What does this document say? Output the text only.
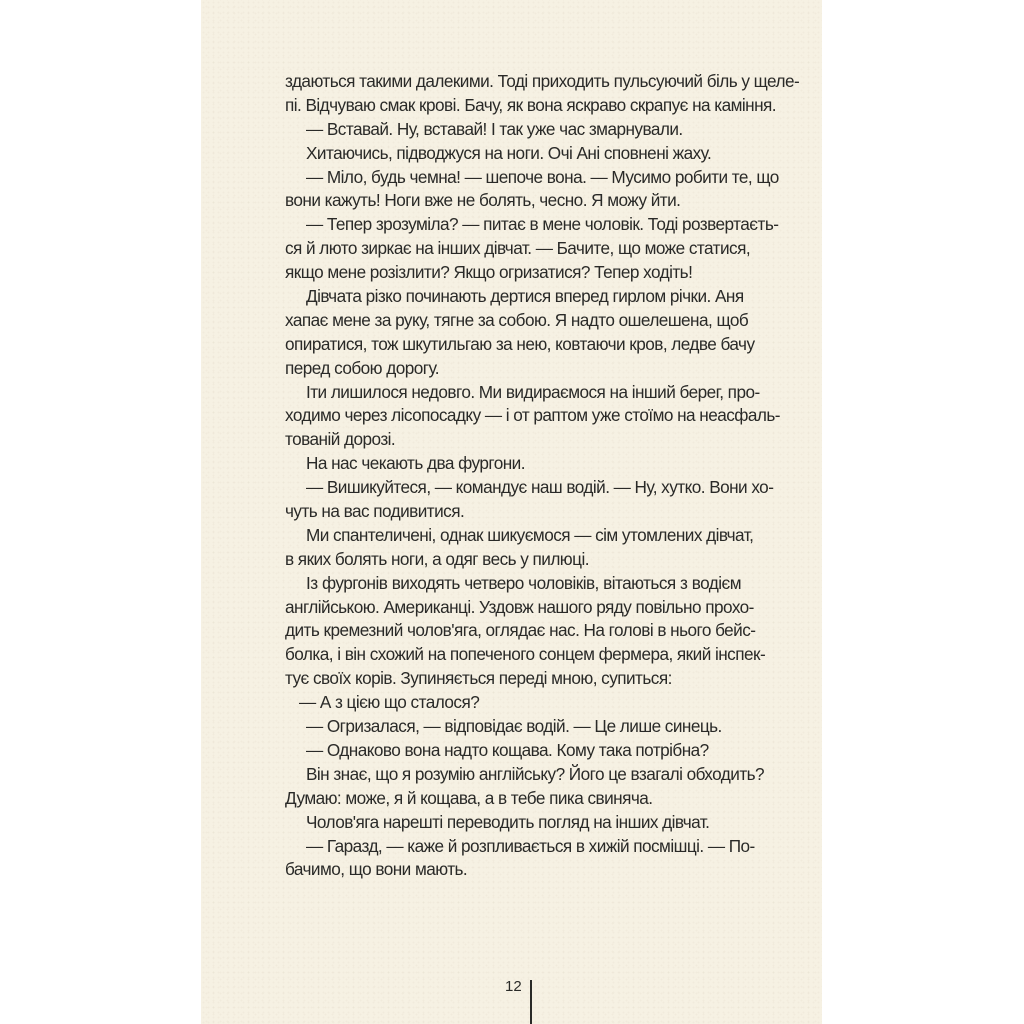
здаються такими далекими. Тоді приходить пульсуючий біль у щеле-
пі. Відчуваю смак крові. Бачу, як вона яскраво скрапує на каміння.
— Вставай. Ну, вставай! І так уже час змарнували.
Хитаючись, підводжуся на ноги. Очі Ані сповнені жаху.
— Міло, будь чемна! — шепоче вона. — Мусимо робити те, що
вони кажуть! Ноги вже не болять, чесно. Я можу йти.
— Тепер зрозуміла? — питає в мене чоловік. Тоді розвертаєть-
ся й люто зиркає на інших дівчат. — Бачите, що може статися,
якщо мене розізлити? Якщо огризатися? Тепер ходіть!
Дівчата різко починають дертися вперед гирлом річки. Аня
хапає мене за руку, тягне за собою. Я надто ошелешена, щоб
опиратися, тож шкутильгаю за нею, ковтаючи кров, ледве бачу
перед собою дорогу.
Іти лишилося недовго. Ми видираємося на інший берег, про-
ходимо через лісопосадку — і от раптом уже стоїмо на неасфаль-
тованій дорозі.
На нас чекають два фургони.
— Вишикуйтеся, — командує наш водій. — Ну, хутко. Вони хо-
чуть на вас подивитися.
Ми спантеличені, однак шикуємося — сім утомлених дівчат,
в яких болять ноги, а одяг весь у пилюці.
Із фургонів виходять четверо чоловіків, вітаються з водієм
англійською. Американці. Уздовж нашого ряду повільно прохо-
дить кремезний чолов'яга, оглядає нас. На голові в нього бейс-
болка, і він схожий на попеченого сонцем фермера, який інспек-
тує своїх корів. Зупиняється переді мною, супиться:
— А з цією що сталося?
— Огризалася, — відповідає водій. — Це лише синець.
— Однаково вона надто кощава. Кому така потрібна?
Він знає, що я розумію англійську? Його це взагалі обходить?
Думаю: може, я й кощава, а в тебе пика свиняча.
Чолов'яга нарешті переводить погляд на інших дівчат.
— Гаразд, — каже й розпливається в хижій посмішці. — По-
бачимо, що вони мають.
12
